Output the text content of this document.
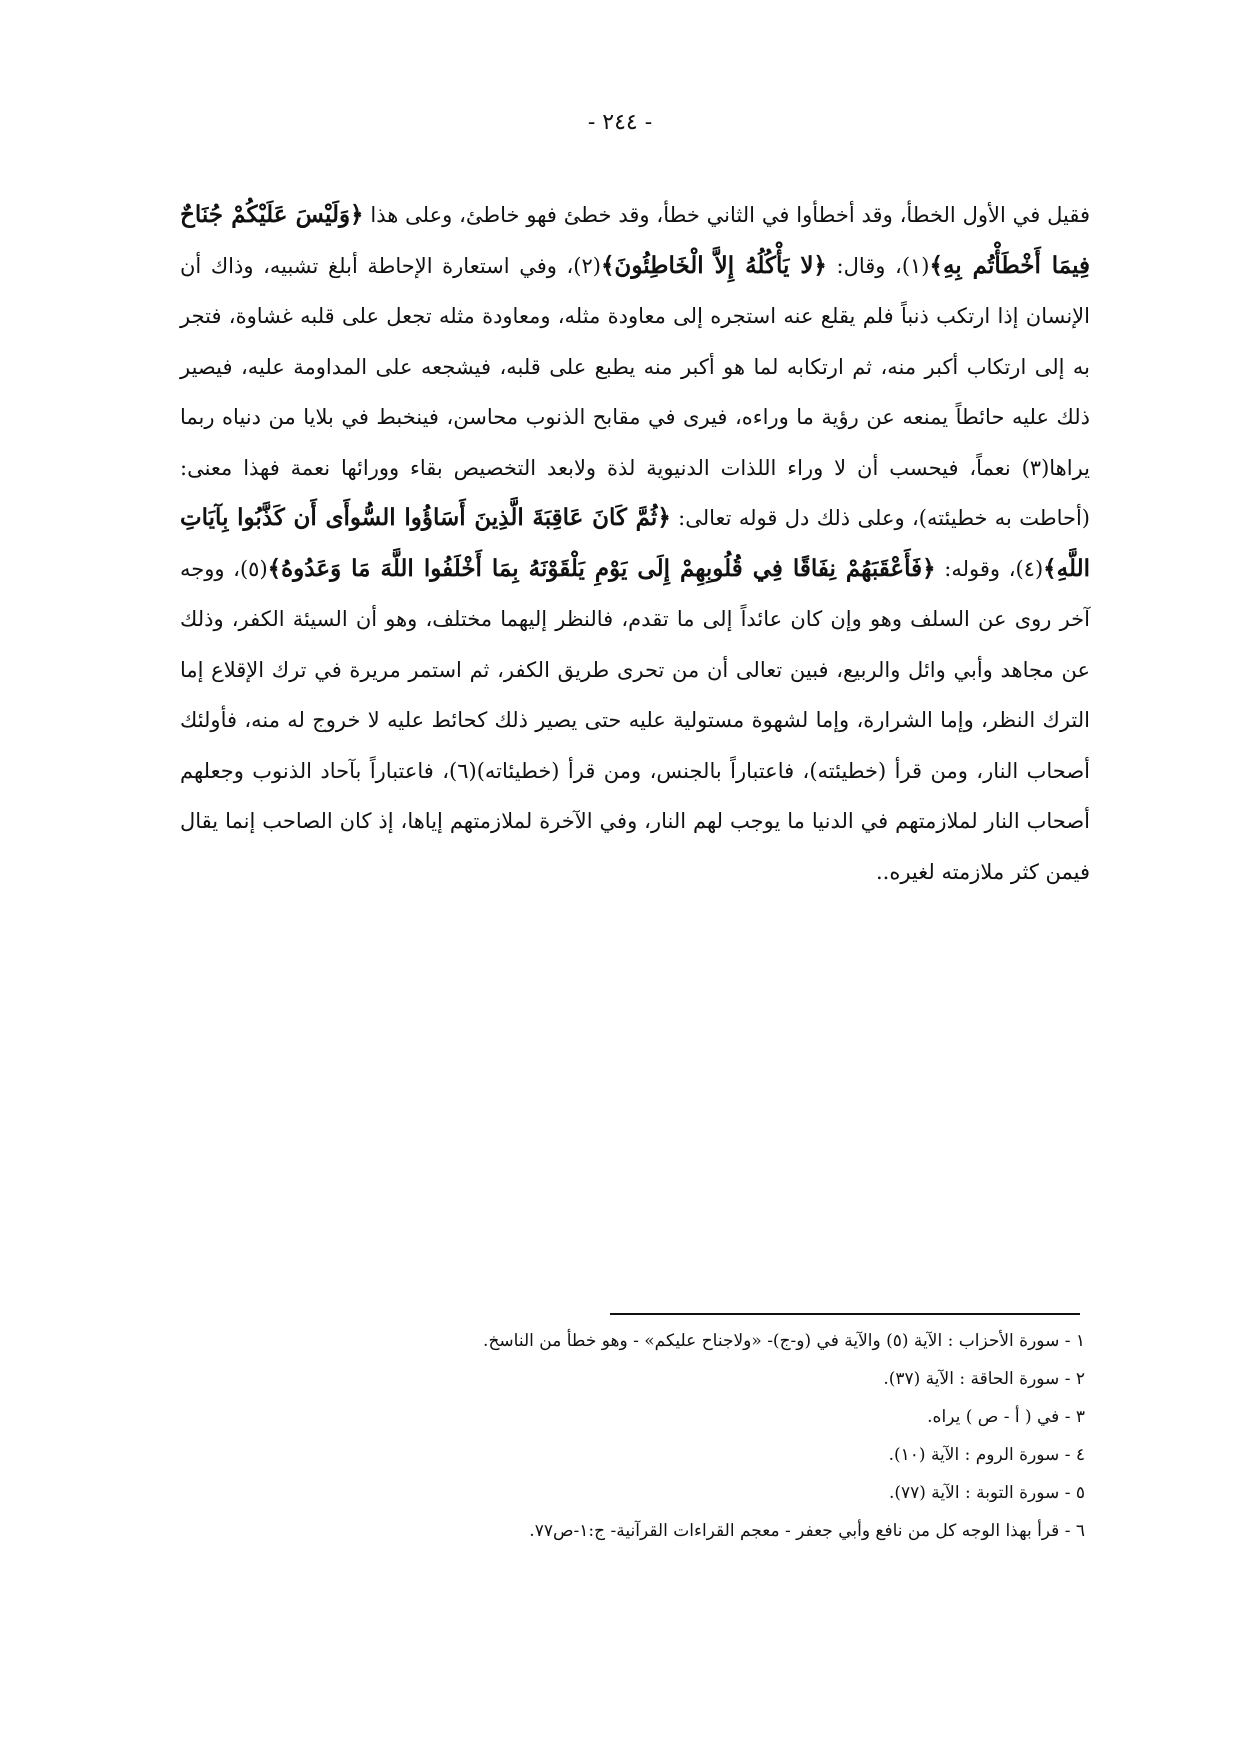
- ٢٤٤ -

فقيل في الأول الخطأ، وقد أخطأوا في الثاني خطأ، وقد خطئ فهو خاطئ، وعلى هذا ﴿وَلَيْسَ عَلَيْكُمْ جُنَاحٌ فِيمَا أَخْطَأْتُم بِهِ﴾(١)، وقال: ﴿لا يَأْكُلُهُ إِلاَّ الْخَاطِئُونَ﴾(٢)، وفي استعارة الإحاطة أبلغ تشبيه، وذاك أن الإنسان إذا ارتكب ذنباً فلم يقلع عنه استجره إلى معاودة مثله، ومعاودة مثله تجعل على قلبه غشاوة، فتجر به إلى ارتكاب أكبر منه، ثم ارتكابه لما هو أكبر منه يطبع على قلبه، فيشجعه على المداومة عليه، فيصير ذلك عليه حائطاً يمنعه عن رؤية ما وراءه، فيرى في مقابح الذنوب محاسن، فينخبط في بلايا من دنياه ربما يراها(٣) نعماً، فيحسب أن لا وراء اللذات الدنيوية لذة ولابعد التخصيص بقاء وورائها نعمة فهذا معنى: (أحاطت به خطيئته)، وعلى ذلك دل قوله تعالى: ﴿ثُمَّ كَانَ عَاقِبَةَ الَّذِينَ أَسَاؤُوا السُّوأَى أَن كَذَّبُوا بِآيَاتِ اللَّهِ﴾(٤)، وقوله: ﴿فَأَعْقَبَهُمْ نِفَاقًا فِي قُلُوبِهِمْ إِلَى يَوْمِ يَلْقَوْنَهُ بِمَا أَخْلَفُوا اللَّهَ مَا وَعَدُوهُ﴾(٥)، ووجه آخر روى عن السلف وهو وإن كان عائداً إلى ما تقدم، فالنظر إليهما مختلف، وهو أن السيئة الكفر، وذلك عن مجاهد وأبي وائل والربيع، فبين تعالى أن من تحرى طريق الكفر، ثم استمر مريرة في ترك الإقلاع إما الترك النظر، وإما الشرارة، وإما لشهوة مستولية عليه حتى يصير ذلك كحائط عليه لا خروج له منه، فأولئك أصحاب النار، ومن قرأ (خطيئته)، فاعتباراً بالجنس، ومن قرأ (خطيئاته)(٦)، فاعتباراً بآحاد الذنوب وجعلهم أصحاب النار لملازمتهم في الدنيا ما يوجب لهم النار، وفي الآخرة لملازمتهم إياها، إذ كان الصاحب إنما يقال فيمن كثر ملازمته لغيره..

١ - سورة الأحزاب : الآية (٥) والآية في (و-ج)- «ولاجناح عليكم» - وهو خطأ من الناسخ.
٢ - سورة الحاقة : الآية (٣٧).
٣ - في ( أ - ص ) يراه.
٤ - سورة الروم : الآية (١٠).
٥ - سورة التوبة : الآية (٧٧).
٦ - قرأ بهذا الوجه كل من نافع وأبي جعفر - معجم القراءات القرآنية- ج:١-ص٧٧.
